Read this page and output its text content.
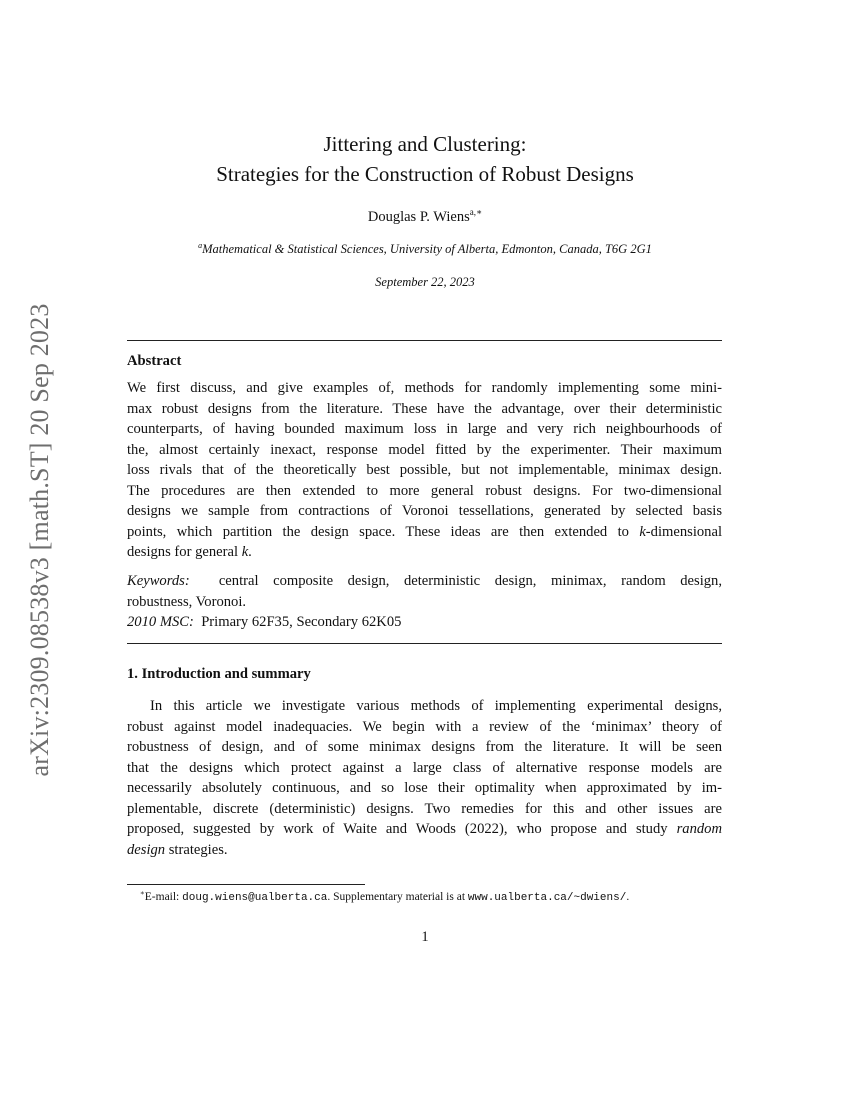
arXiv:2309.08538v3 [math.ST] 20 Sep 2023
Jittering and Clustering:
Strategies for the Construction of Robust Designs
Douglas P. Wiens$^{a,∗}$
$^a$Mathematical & Statistical Sciences, University of Alberta, Edmonton, Canada, T6G 2G1
September 22, 2023
Abstract
We first discuss, and give examples of, methods for randomly implementing some mini-
max robust designs from the literature. These have the advantage, over their deterministic
counterparts, of having bounded maximum loss in large and very rich neighbourhoods of
the, almost certainly inexact, response model fitted by the experimenter. Their maximum
loss rivals that of the theoretically best possible, but not implementable, minimax design.
The procedures are then extended to more general robust designs. For two-dimensional
designs we sample from contractions of Voronoi tessellations, generated by selected basis
points, which partition the design space. These ideas are then extended to k-dimensional
designs for general k.
Keywords: central composite design, deterministic design, minimax, random design,
robustness, Voronoi.
2010 MSC: Primary 62F35, Secondary 62K05
1. Introduction and summary
In this article we investigate various methods of implementing experimental designs,
robust against model inadequacies. We begin with a review of the ‘minimax’ theory of
robustness of design, and of some minimax designs from the literature. It will be seen
that the designs which protect against a large class of alternative response models are
necessarily absolutely continuous, and so lose their optimality when approximated by im-
plementable, discrete (deterministic) designs. Two remedies for this and other issues are
proposed, suggested by work of Waite and Woods (2022), who propose and study random
design strategies.
∗E-mail: doug.wiens@ualberta.ca. Supplementary material is at www.ualberta.ca/~dwiens/.
1
